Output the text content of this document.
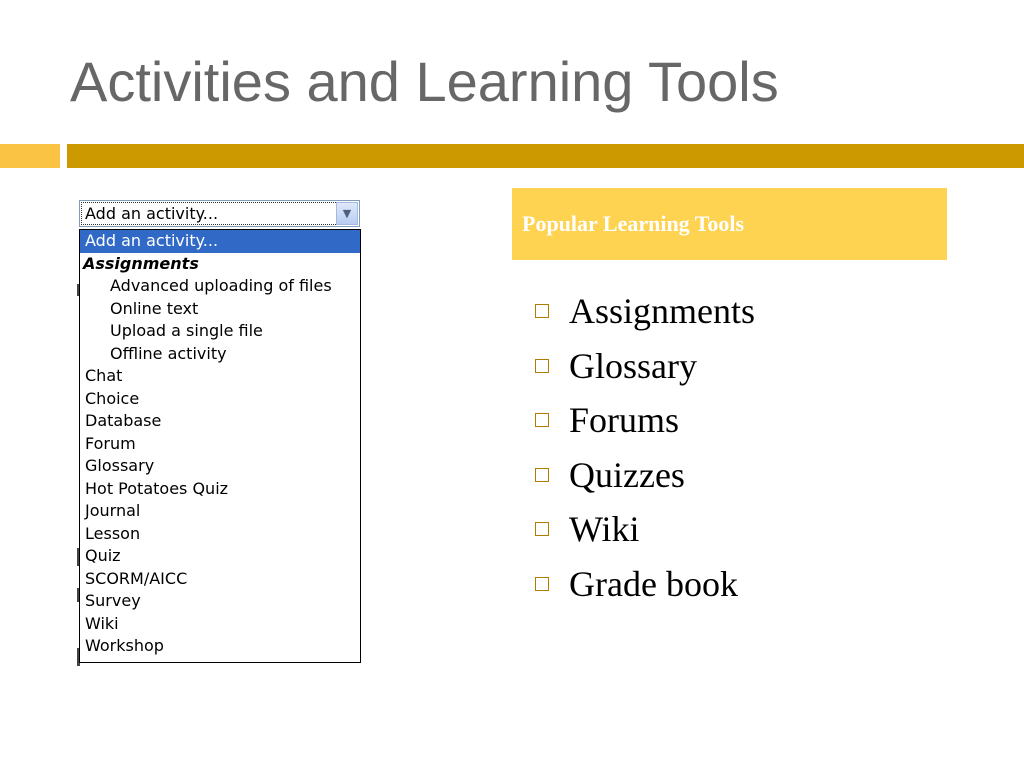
Activities and Learning Tools
Add an activity...	▼
Add an activity...
Assignments
Advanced uploading of files
Online text
Upload a single file
Offline activity
Chat
Choice
Database
Forum
Glossary
Hot Potatoes Quiz
Journal
Lesson
Quiz
SCORM/AICC
Survey
Wiki
Workshop
Popular Learning Tools
Assignments
Glossary
Forums
Quizzes
Wiki
Grade book
